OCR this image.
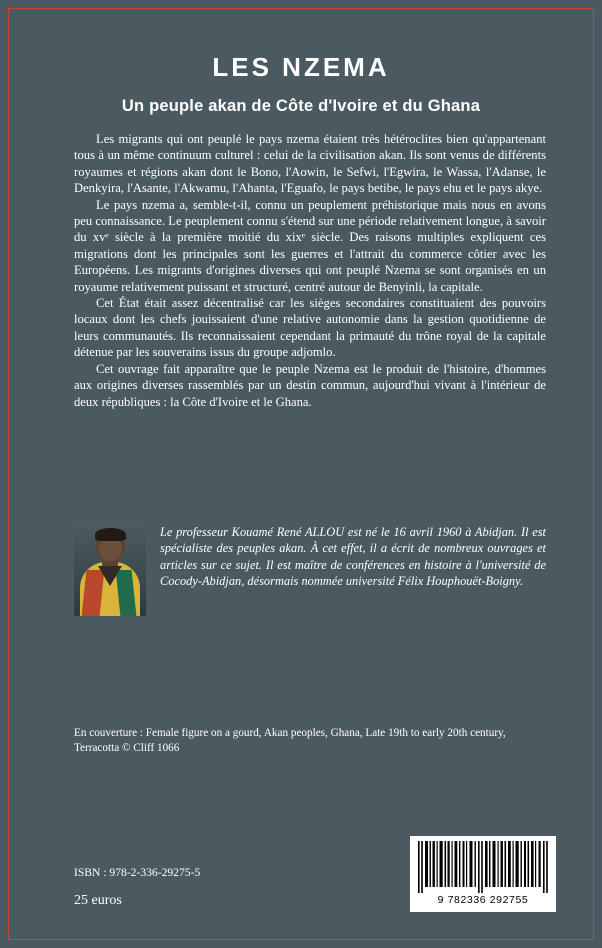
LES NZEMA
Un peuple akan de Côte d'Ivoire et du Ghana

Les migrants qui ont peuplé le pays nzema étaient très hétéroclites bien qu'appartenant tous à un même continuum culturel : celui de la civilisation akan. Ils sont venus de différents royaumes et régions akan dont le Bono, l'Aowin, le Sefwi, l'Egwira, le Wassa, l'Adanse, le Denkyira, l'Asante, l'Akwamu, l'Ahanta, l'Eguafo, le pays betibe, le pays ehu et le pays akye.

Le pays nzema a, semble-t-il, connu un peuplement préhistorique mais nous en avons peu connaissance. Le peuplement connu s'étend sur une période relativement longue, à savoir du xvᵉ siècle à la première moitié du xixᵉ siècle. Des raisons multiples expliquent ces migrations dont les principales sont les guerres et l'attrait du commerce côtier avec les Européens. Les migrants d'origines diverses qui ont peuplé Nzema se sont organisés en un royaume relativement puissant et structuré, centré autour de Benyinli, la capitale.

Cet État était assez décentralisé car les sièges secondaires constituaient des pouvoirs locaux dont les chefs jouissaient d'une relative autonomie dans la gestion quotidienne de leurs communautés. Ils reconnaissaient cependant la primauté du trône royal de la capitale détenue par les souverains issus du groupe adjomlo.

Cet ouvrage fait apparaître que le peuple Nzema est le produit de l'histoire, d'hommes aux origines diverses rassemblés par un destin commun, aujourd'hui vivant à l'intérieur de deux républiques : la Côte d'Ivoire et le Ghana.

Le professeur Kouamé René ALLOU est né le 16 avril 1960 à Abidjan. Il est spécialiste des peuples akan. À cet effet, il a écrit de nombreux ouvrages et articles sur ce sujet. Il est maître de conférences en histoire à l'université de Cocody-Abidjan, désormais nommée université Félix Houphouët-Boigny.
En couverture : Female figure on a gourd, Akan peoples, Ghana, Late 19th to early 20th century, Terracotta © Cliff 1066

ISBN : 978-2-336-29275-5

25 euros	9 782336 292755
